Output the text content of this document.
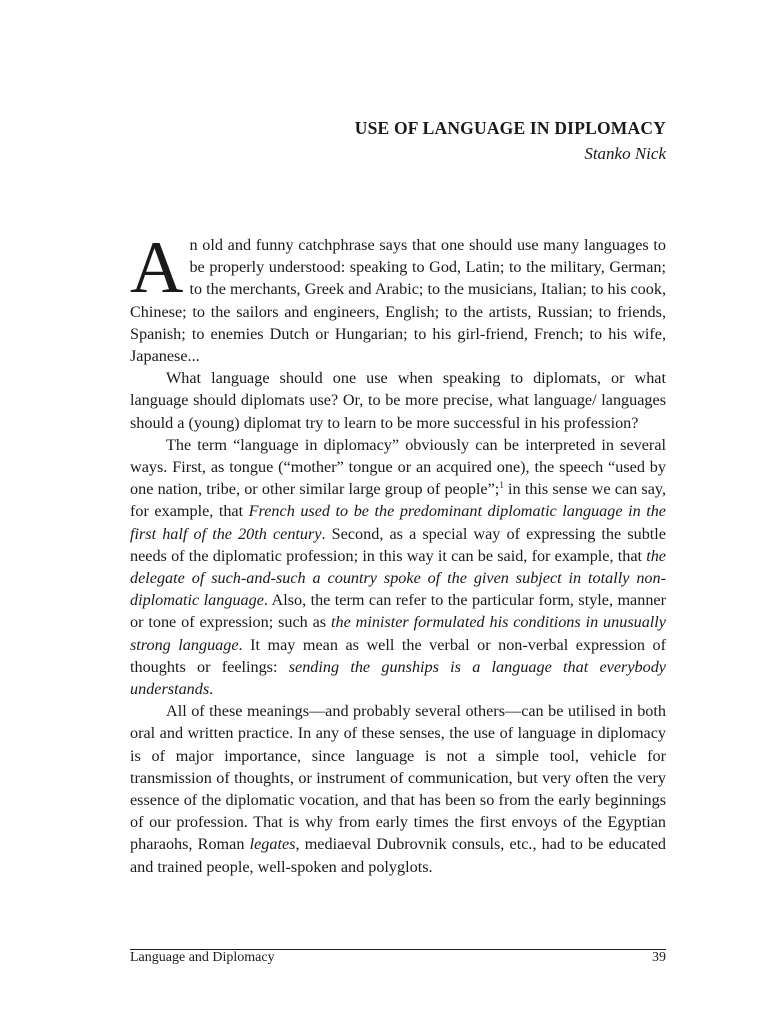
USE OF LANGUAGE IN DIPLOMACY
Stanko Nick

An old and funny catchphrase says that one should use many languages to be properly understood: speaking to God, Latin; to the military, German; to the merchants, Greek and Arabic; to the musicians, Italian; to his cook, Chinese; to the sailors and engineers, English; to the artists, Russian; to friends, Spanish; to enemies Dutch or Hungarian; to his girl-friend, French; to his wife, Japanese...

What language should one use when speaking to diplomats, or what language should diplomats use? Or, to be more precise, what language/ languages should a (young) diplomat try to learn to be more successful in his profession?

The term “language in diplomacy” obviously can be interpreted in several ways. First, as tongue (“mother” tongue or an acquired one), the speech “used by one nation, tribe, or other similar large group of people”;$^1$ in this sense we can say, for example, that French used to be the predominant diplomatic language in the first half of the 20th century. Second, as a special way of expressing the subtle needs of the diplomatic profession; in this way it can be said, for example, that the delegate of such-and-such a country spoke of the given subject in totally non-diplomatic language. Also, the term can refer to the particular form, style, manner or tone of expression; such as the minister formulated his conditions in unusually strong language. It may mean as well the verbal or non-verbal expression of thoughts or feelings: sending the gunships is a language that everybody understands.

All of these meanings—and probably several others—can be utilised in both oral and written practice. In any of these senses, the use of language in diplomacy is of major importance, since language is not a simple tool, vehicle for transmission of thoughts, or instrument of communication, but very often the very essence of the diplomatic vocation, and that has been so from the early beginnings of our profession. That is why from early times the first envoys of the Egyptian pharaohs, Roman legates, mediaeval Dubrovnik consuls, etc., had to be educated and trained people, well-spoken and polyglots.

Language and Diplomacy	39
